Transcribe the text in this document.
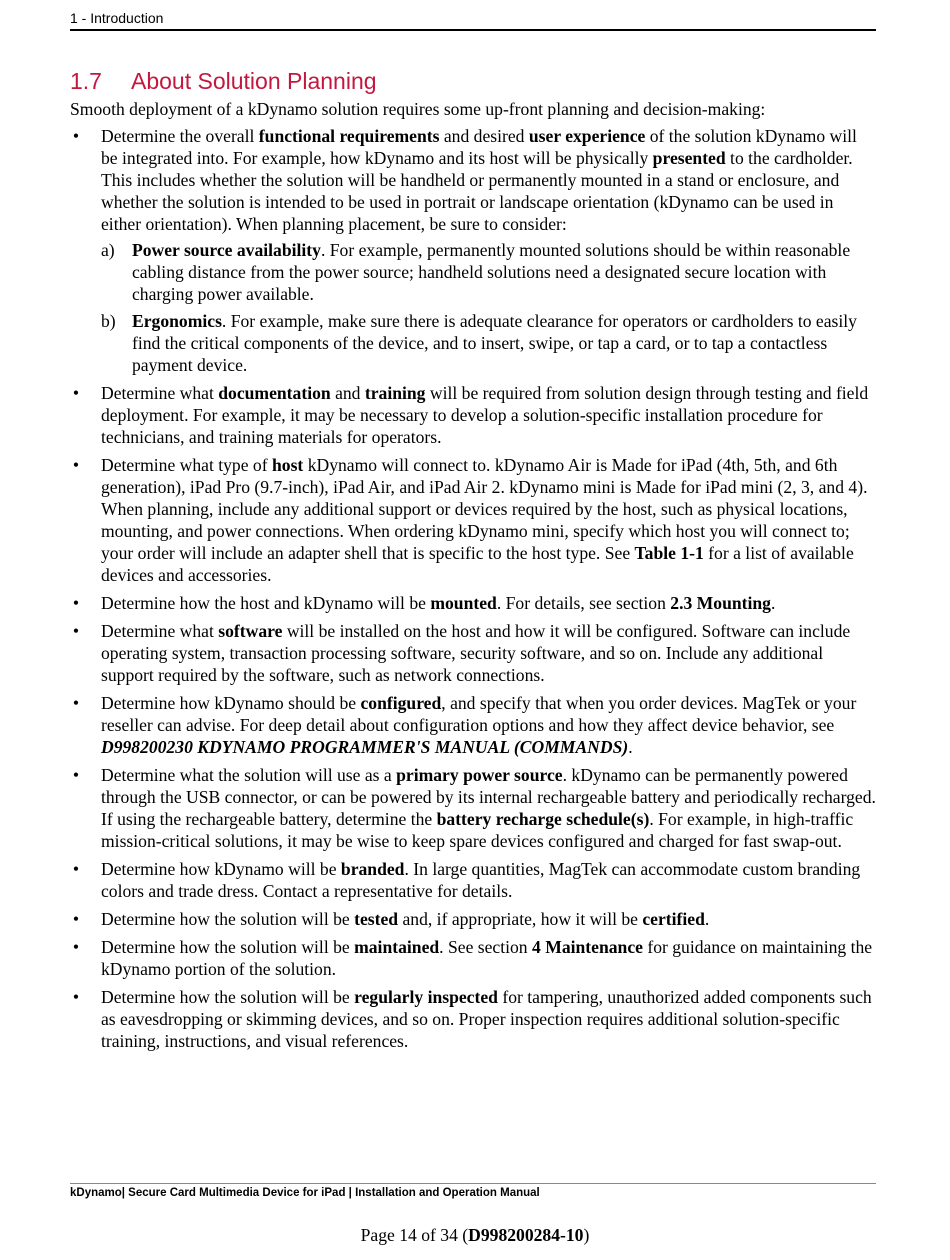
1 - Introduction
1.7 About Solution Planning

Smooth deployment of a kDynamo solution requires some up-front planning and decision-making:

• Determine the overall functional requirements and desired user experience of the solution kDynamo will be integrated into. For example, how kDynamo and its host will be physically presented to the cardholder. This includes whether the solution will be handheld or permanently mounted in a stand or enclosure, and whether the solution is intended to be used in portrait or landscape orientation (kDynamo can be used in either orientation). When planning placement, be sure to consider:
a) Power source availability. For example, permanently mounted solutions should be within reasonable cabling distance from the power source; handheld solutions need a designated secure location with charging power available.
b) Ergonomics. For example, make sure there is adequate clearance for operators or cardholders to easily find the critical components of the device, and to insert, swipe, or tap a card, or to tap a contactless payment device.
• Determine what documentation and training will be required from solution design through testing and field deployment. For example, it may be necessary to develop a solution-specific installation procedure for technicians, and training materials for operators.
• Determine what type of host kDynamo will connect to. kDynamo Air is Made for iPad (4th, 5th, and 6th generation), iPad Pro (9.7-inch), iPad Air, and iPad Air 2. kDynamo mini is Made for iPad mini (2, 3, and 4). When planning, include any additional support or devices required by the host, such as physical locations, mounting, and power connections. When ordering kDynamo mini, specify which host you will connect to; your order will include an adapter shell that is specific to the host type. See Table 1-1 for a list of available devices and accessories.
• Determine how the host and kDynamo will be mounted. For details, see section 2.3 Mounting.
• Determine what software will be installed on the host and how it will be configured. Software can include operating system, transaction processing software, security software, and so on. Include any additional support required by the software, such as network connections.
• Determine how kDynamo should be configured, and specify that when you order devices. MagTek or your reseller can advise. For deep detail about configuration options and how they affect device behavior, see D998200230 KDYNAMO PROGRAMMER'S MANUAL (COMMANDS).
• Determine what the solution will use as a primary power source. kDynamo can be permanently powered through the USB connector, or can be powered by its internal rechargeable battery and periodically recharged. If using the rechargeable battery, determine the battery recharge schedule(s). For example, in high-traffic mission-critical solutions, it may be wise to keep spare devices configured and charged for fast swap-out.
• Determine how kDynamo will be branded. In large quantities, MagTek can accommodate custom branding colors and trade dress. Contact a representative for details.
• Determine how the solution will be tested and, if appropriate, how it will be certified.
• Determine how the solution will be maintained. See section 4 Maintenance for guidance on maintaining the kDynamo portion of the solution.
• Determine how the solution will be regularly inspected for tampering, unauthorized added components such as eavesdropping or skimming devices, and so on. Proper inspection requires additional solution-specific training, instructions, and visual references.
kDynamo| Secure Card Multimedia Device for iPad | Installation and Operation Manual
Page 14 of 34 (D998200284-10)
